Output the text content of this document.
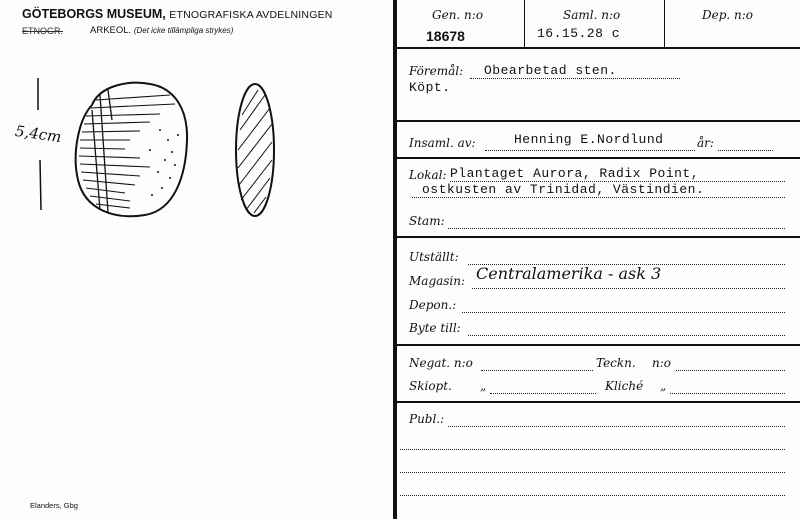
GÖTEBORGS MUSEUM, ETNOGRAFISKA AVDELNINGEN
ETNOGR.	ARKEOL. (Det icke tillämpliga strykes)
5,4cm
Elanders, Gbg
Gen. n:o
18678
Saml. n:o
16.15.28 c
Dep. n:o
Föremål: Obearbetad sten.
Köpt.
Insaml. av:	Henning E.Nordlund	år:
Lokal: Plantaget Aurora, Radix Point,
ostkusten av Trinidad, Västindien.
Stam:
Utställt:
Magasin: Centralamerika - ask 3
Depon.:
Byte till:
Negat. n:o	Teckn. n:o
Skiopt. „	Kliché „
Publ.:
